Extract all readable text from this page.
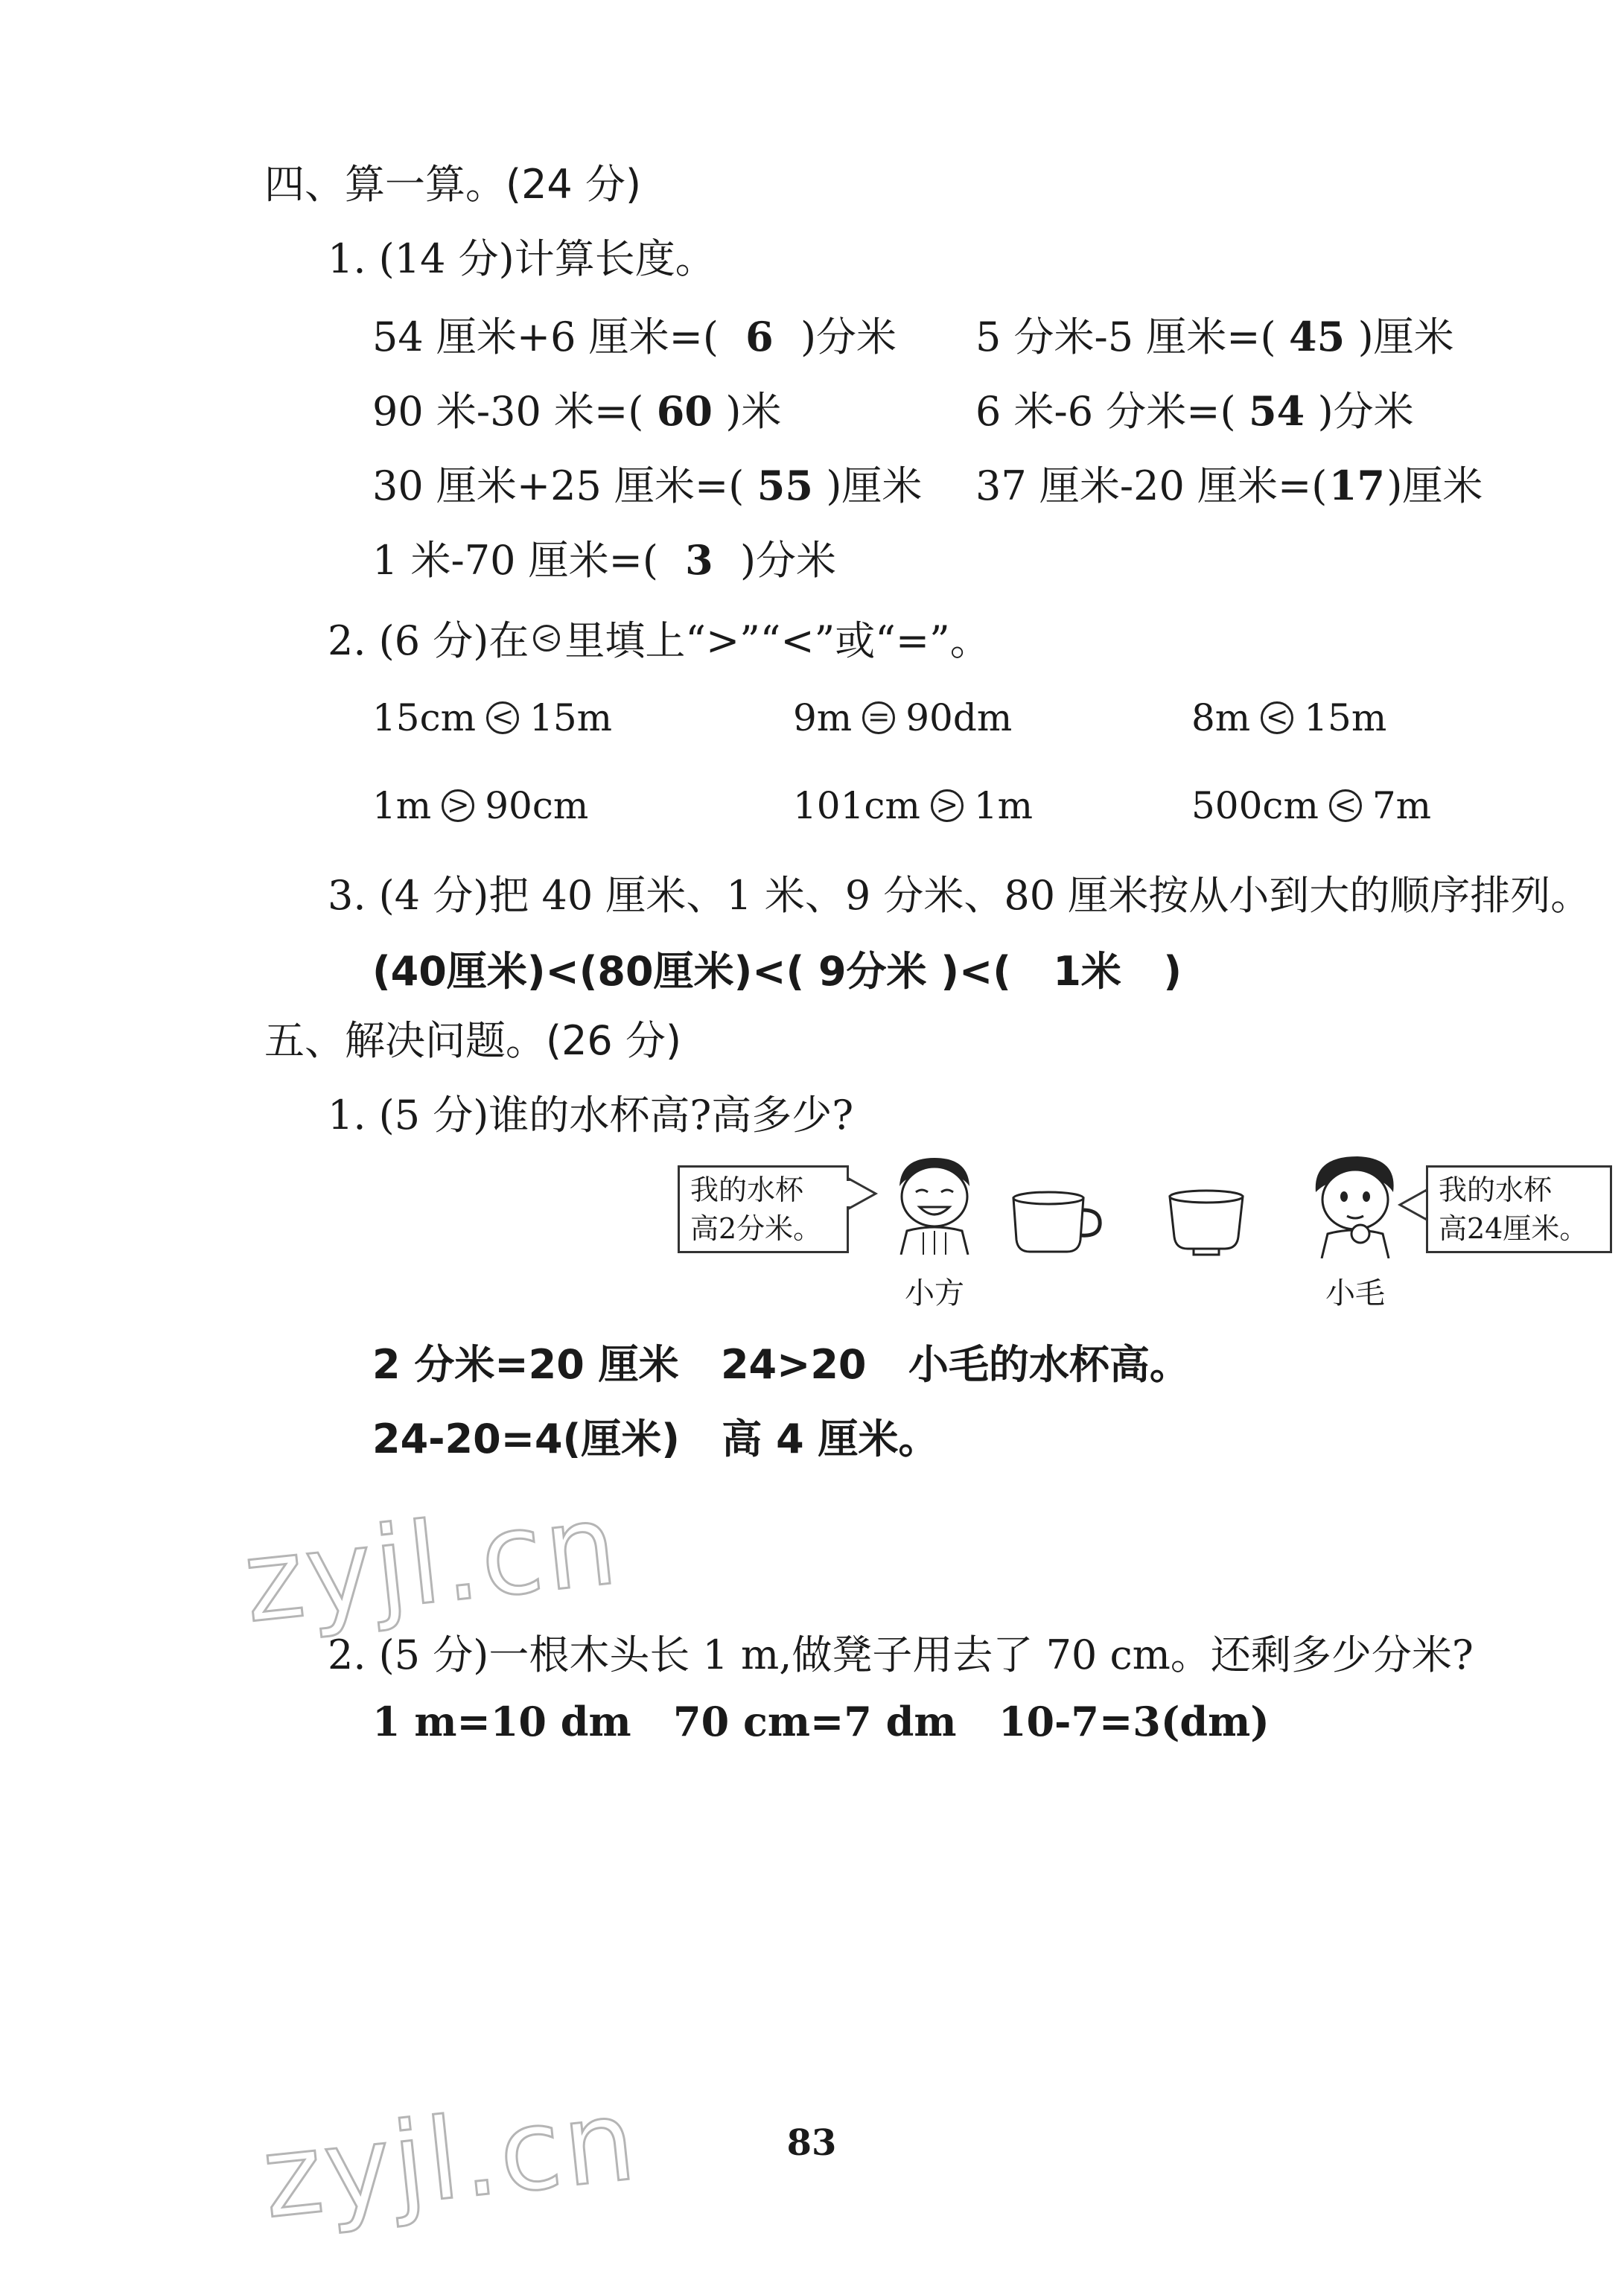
四、算一算。(24 分)
1. (14 分)计算长度。
54 厘米+6 厘米=( 6 )分米 5 分米-5 厘米=( 45 )厘米
90 米-30 米=( 60 )米	6 米-6 分米=( 54 )分米
30 厘米+25 厘米=( 55 )厘米 37 厘米-20 厘米=(17)厘米
1 米-70 厘米=( 3 )分米
2. (6 分)在 < 里填上“>”“<”或“=”。
15cm < 15m	9m = 90dm	8m < 15m
1m > 90cm	101cm > 1m	500cm < 7m
3. (4 分)把 40 厘米、1 米、9 分米、80 厘米按从小到大的顺序排列。
(40厘米)<(80厘米)<( 9分米 )<(   1米   )
五、解决问题。(26 分)
1. (5 分)谁的水杯高?高多少?
我的水杯
高2分米。
我的水杯
高24厘米。
小方	小毛
2 分米=20 厘米   24>20   小毛的水杯高。
24-20=4(厘米)   高 4 厘米。
zyjl.cn
2. (5 分)一根木头长 1 m,做凳子用去了 70 cm。还剩多少分米?
1 m=10 dm   70 cm=7 dm   10-7=3(dm)
83
zyjl.cn
